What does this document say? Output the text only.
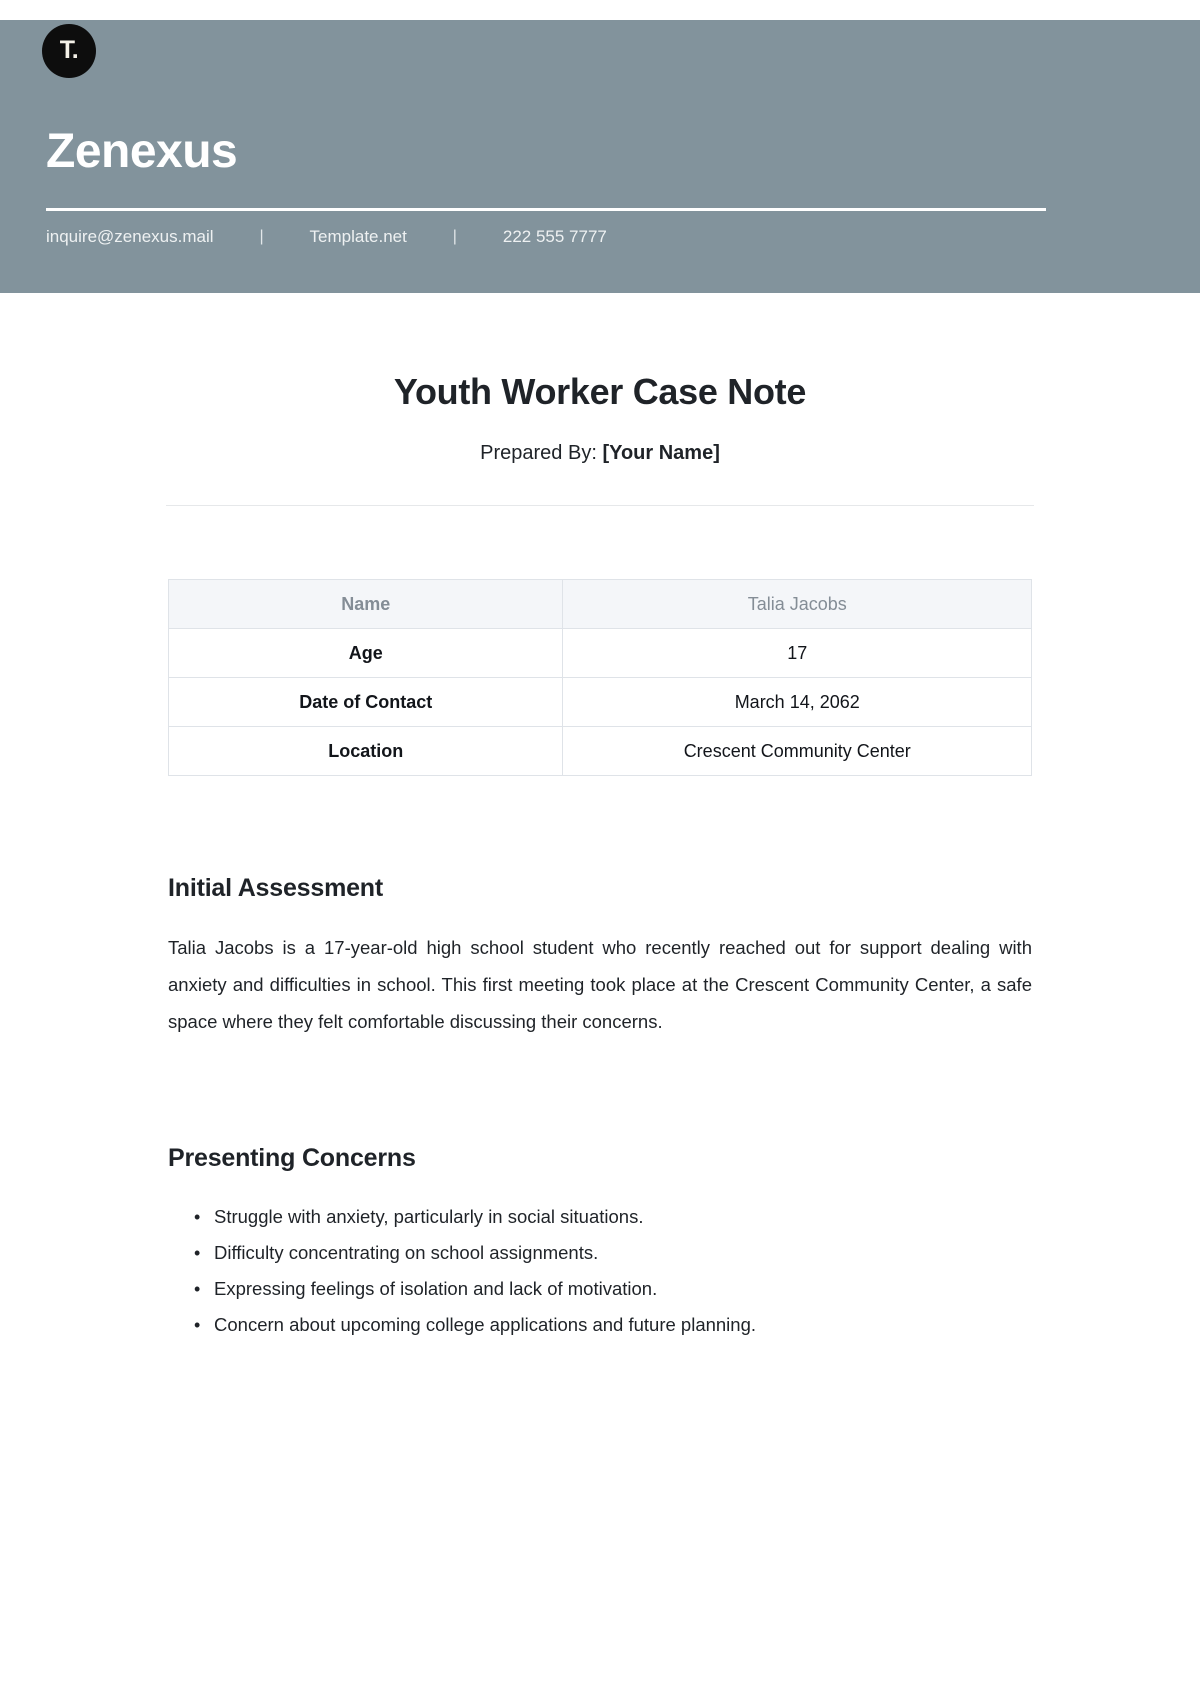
T.
Zenexus
inquire@zenexus.mail	|	Template.net	|	222 555 7777
Youth Worker Case Note
Prepared By: [Your Name]
Name	Talia Jacobs
Age	17
Date of Contact	March 14, 2062
Location	Crescent Community Center
Initial Assessment

Talia Jacobs is a 17-year-old high school student who recently reached out for support dealing with anxiety and difficulties in school. This first meeting took place at the Crescent Community Center, a safe space where they felt comfortable discussing their concerns.

Presenting Concerns
• Struggle with anxiety, particularly in social situations.
• Difficulty concentrating on school assignments.
• Expressing feelings of isolation and lack of motivation.
• Concern about upcoming college applications and future planning.
